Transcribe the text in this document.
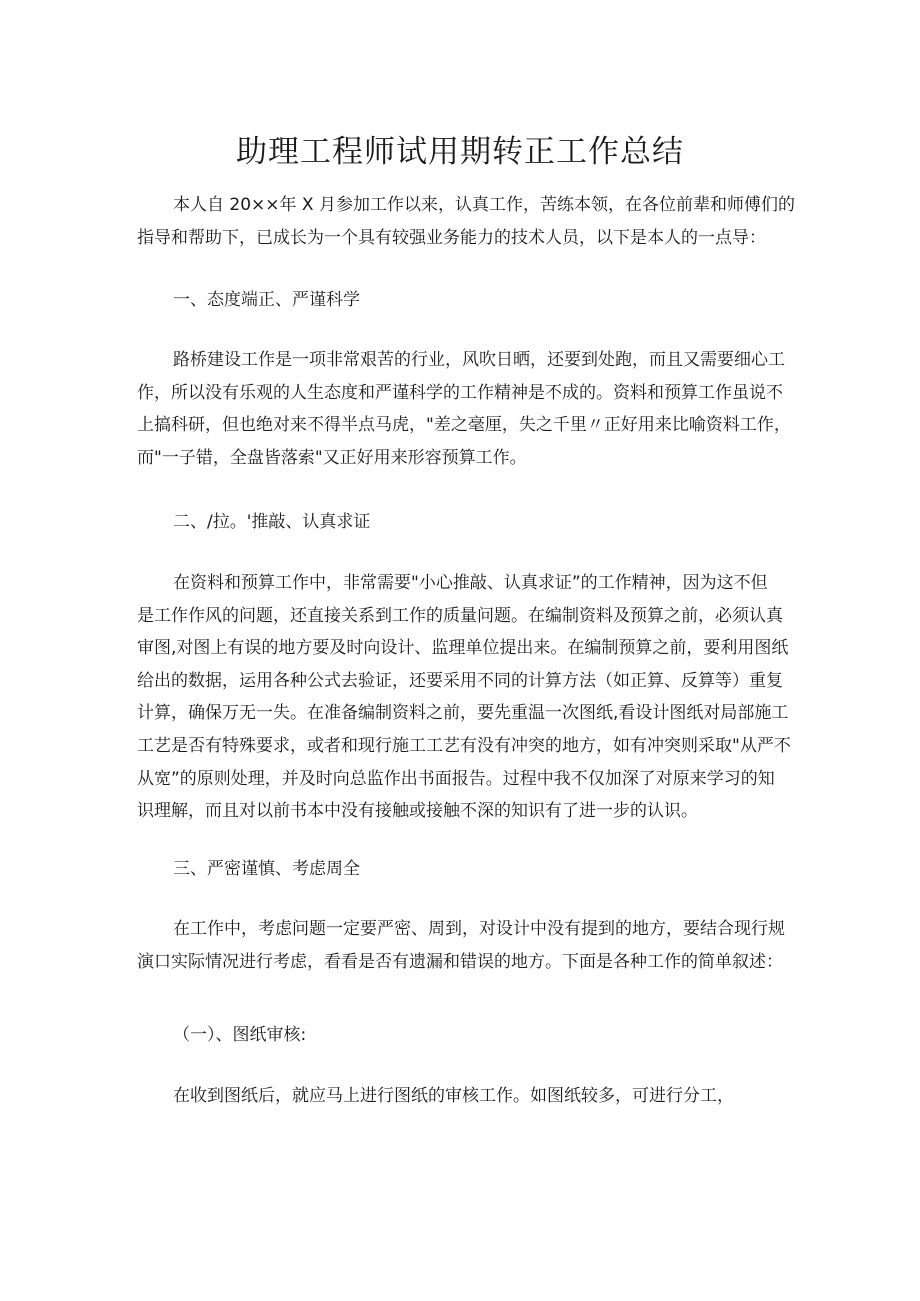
助理工程师试用期转正工作总结

本人自 20××年 X 月参加工作以来，认真工作，苦练本领，在各位前辈和师傅们的
指导和帮助下，已成长为一个具有较强业务能力的技术人员，以下是本人的一点导：

一、态度端正、严谨科学

路桥建设工作是一项非常艰苦的行业，风吹日晒，还要到处跑，而且又需要细心工
作，所以没有乐观的人生态度和严谨科学的工作精神是不成的。资料和预算工作虽说不
上搞科研，但也绝对来不得半点马虎，"差之毫厘，失之千里〃正好用来比喻资料工作，
而"一子错，全盘皆落索"又正好用来形容预算工作。

二、/拉。'推敲、认真求证

在资料和预算工作中，非常需要"小心推敲、认真求证”的工作精神，因为这不但
是工作作风的问题，还直接关系到工作的质量问题。在编制资料及预算之前，必须认真
审图,对图上有误的地方要及时向设计、监理单位提出来。在编制预算之前，要利用图纸
给出的数据，运用各种公式去验证，还要采用不同的计算方法（如正算、反算等）重复
计算，确保万无一失。在准备编制资料之前，要先重温一次图纸,看设计图纸对局部施工
工艺是否有特殊要求，或者和现行施工工艺有没有冲突的地方，如有冲突则采取"从严不
从宽”的原则处理，并及时向总监作出书面报告。过程中我不仅加深了对原来学习的知
识理解，而且对以前书本中没有接触或接触不深的知识有了进一步的认识。

三、严密谨慎、考虑周全

在工作中，考虑问题一定要严密、周到，对设计中没有提到的地方，要结合现行规
演口实际情况进行考虑，看看是否有遗漏和错误的地方。下面是各种工作的简单叙述：

（一）、图纸审核:

在收到图纸后，就应马上进行图纸的审核工作。如图纸较多，可进行分工，
